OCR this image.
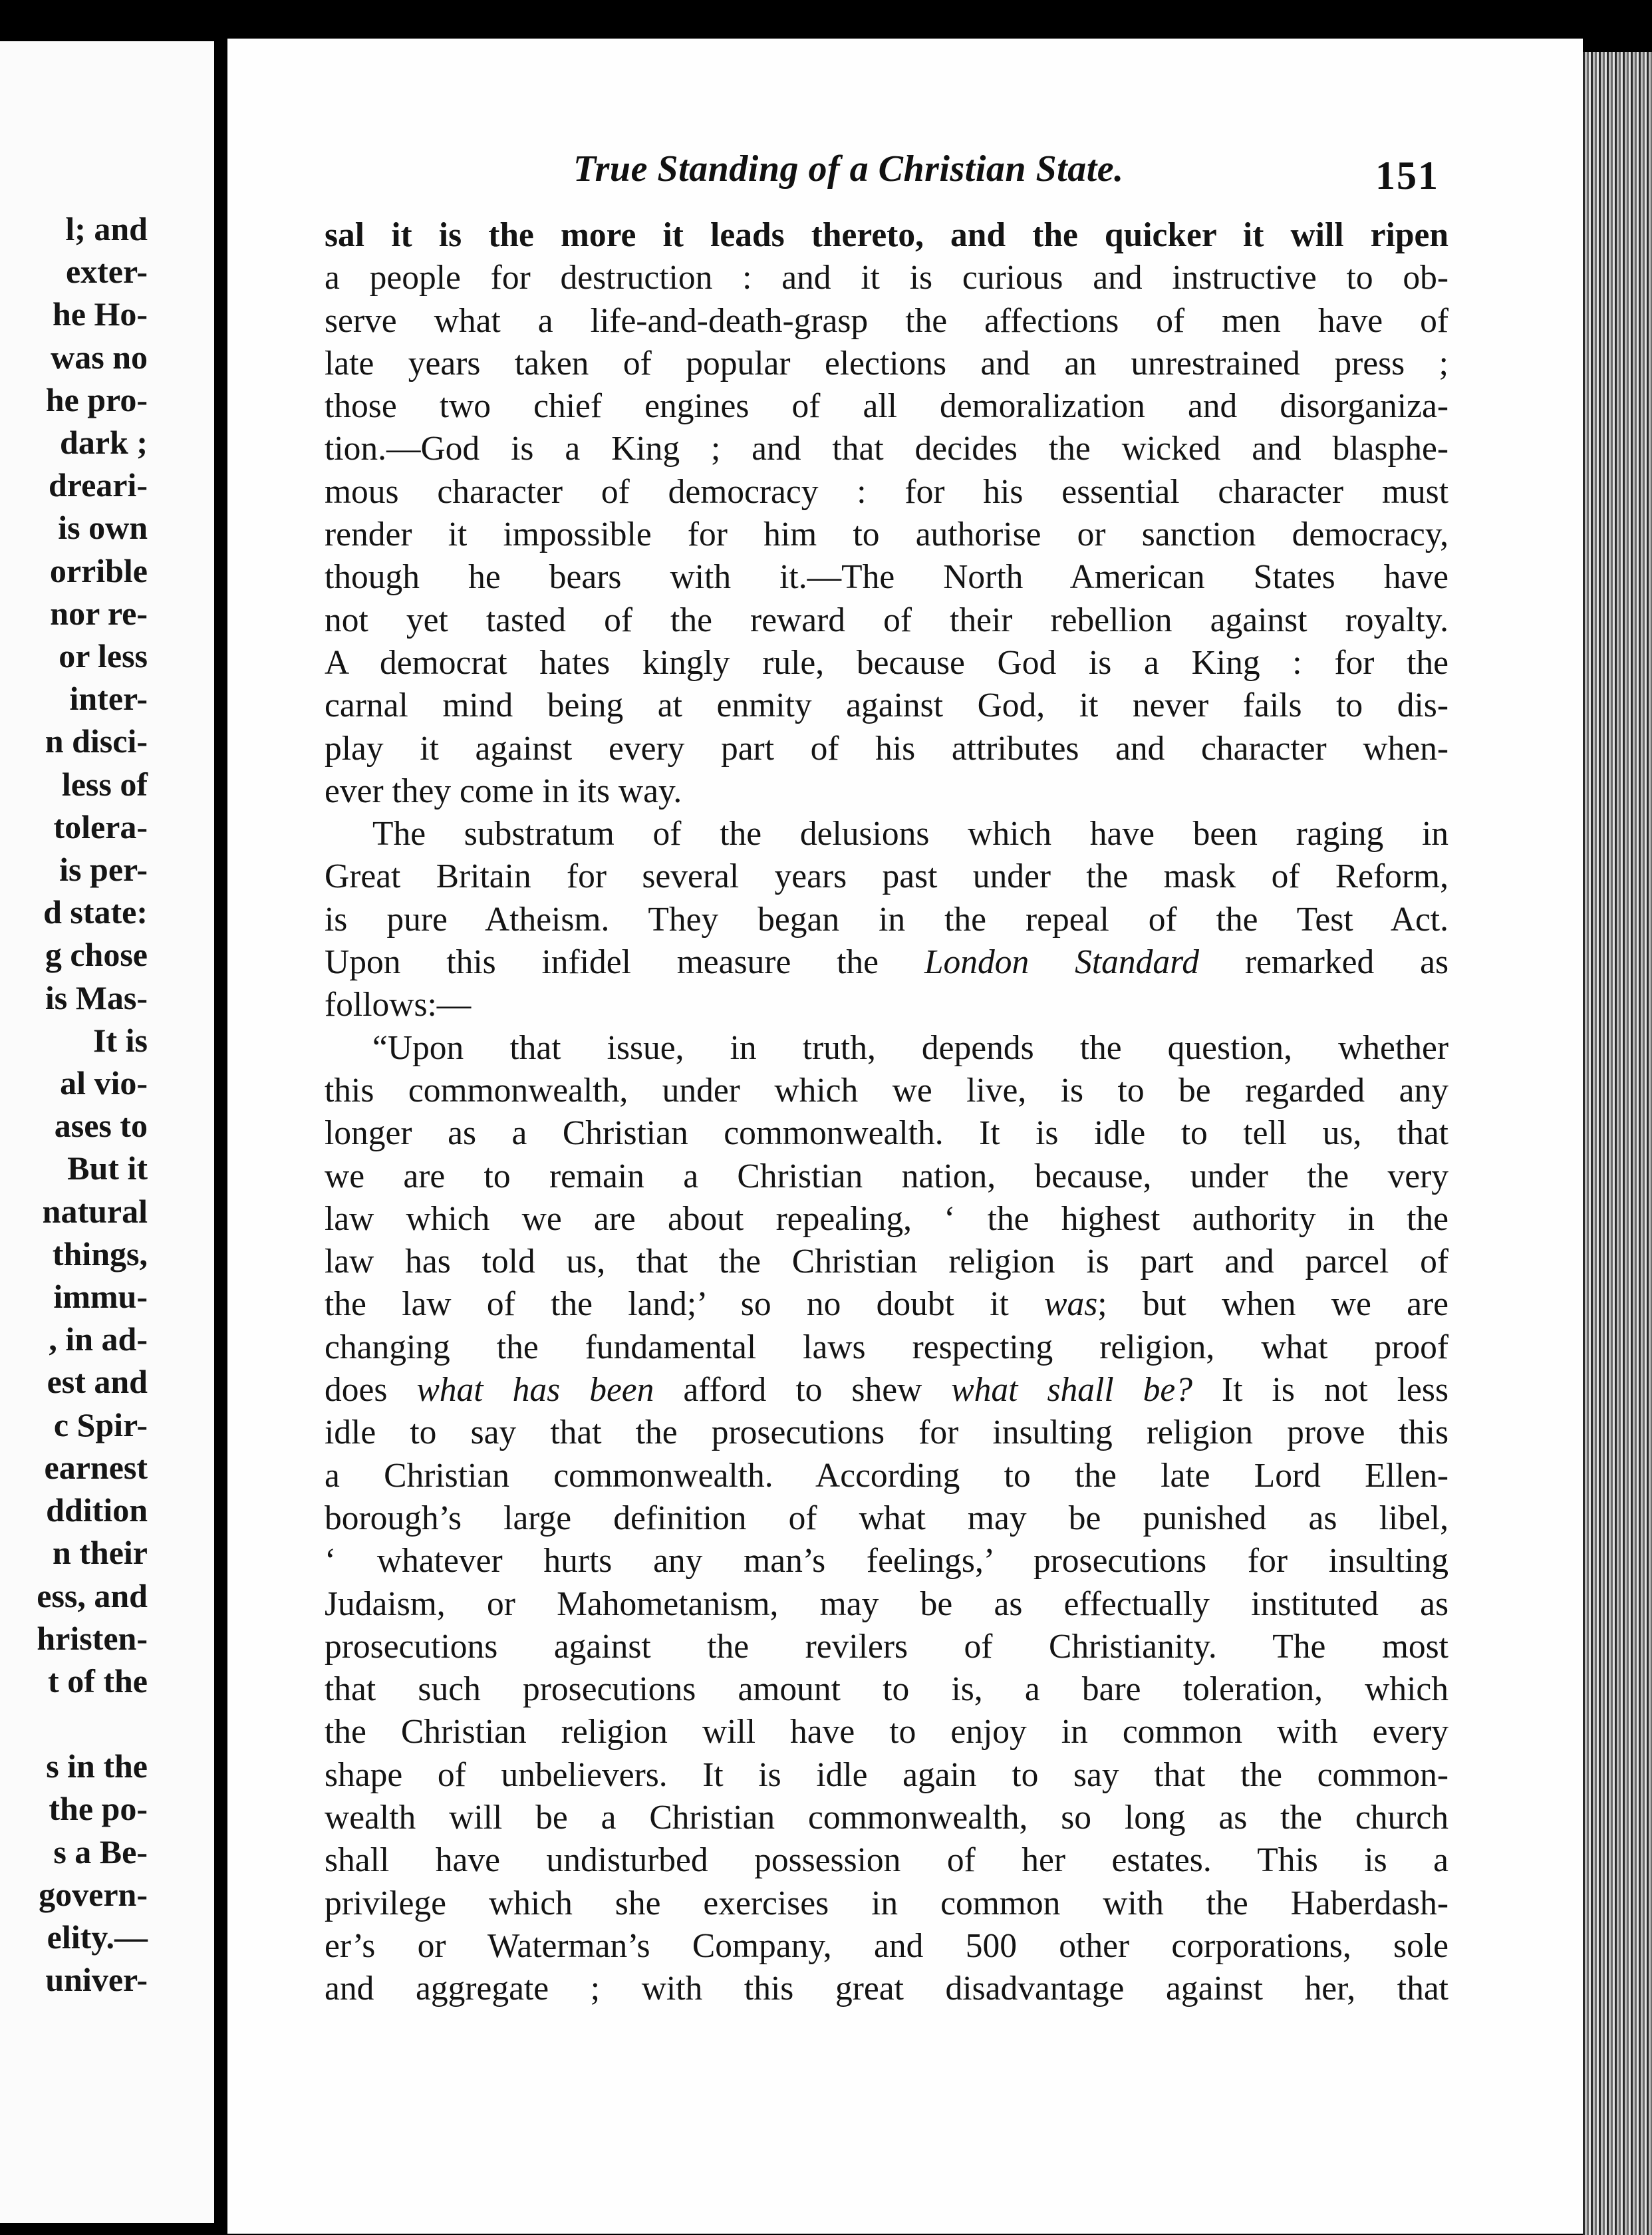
l; and
exter-
he Ho-
was no
he pro-
dark ;
dreari-
is own
orrible
nor re-
or less
inter-
n disci-
less of
tolera-
is per-
d state:
g chose
is Mas-
It is
al vio-
ases to
But it
natural
things,
immu-
, in ad-
est and
c Spir-
earnest
ddition
n their
ess, and
hristen-
t of the
s in the
the po-
s a Be-
govern-
elity.—
univer-
True Standing of a Christian State.	151
sal it is the more it leads thereto, and the quicker it will ripen
a people for destruction : and it is curious and instructive to ob-
serve what a life-and-death-grasp the affections of men have of
late years taken of popular elections and an unrestrained press ;
those two chief engines of all demoralization and disorganiza-
tion.—God is a King ; and that decides the wicked and blasphe-
mous character of democracy : for his essential character must
render it impossible for him to authorise or sanction democracy,
though he bears with it.—The North American States have
not yet tasted of the reward of their rebellion against royalty.
A democrat hates kingly rule, because God is a King : for the
carnal mind being at enmity against God, it never fails to dis-
play it against every part of his attributes and character when-
ever they come in its way.
The substratum of the delusions which have been raging in
Great Britain for several years past under the mask of Reform,
is pure Atheism. They began in the repeal of the Test Act.
Upon this infidel measure the London Standard remarked as
follows:—
“Upon that issue, in truth, depends the question, whether
this commonwealth, under which we live, is to be regarded any
longer as a Christian commonwealth. It is idle to tell us, that
we are to remain a Christian nation, because, under the very
law which we are about repealing, ‘ the highest authority in the
law has told us, that the Christian religion is part and parcel of
the law of the land;’ so no doubt it was; but when we are
changing the fundamental laws respecting religion, what proof
does what has been afford to shew what shall be? It is not less
idle to say that the prosecutions for insulting religion prove this
a Christian commonwealth. According to the late Lord Ellen-
borough’s large definition of what may be punished as libel,
‘ whatever hurts any man’s feelings,’ prosecutions for insulting
Judaism, or Mahometanism, may be as effectually instituted as
prosecutions against the revilers of Christianity. The most
that such prosecutions amount to is, a bare toleration, which
the Christian religion will have to enjoy in common with every
shape of unbelievers. It is idle again to say that the common-
wealth will be a Christian commonwealth, so long as the church
shall have undisturbed possession of her estates. This is a
privilege which she exercises in common with the Haberdash-
er’s or Waterman’s Company, and 500 other corporations, sole
and aggregate ; with this great disadvantage against her, that
